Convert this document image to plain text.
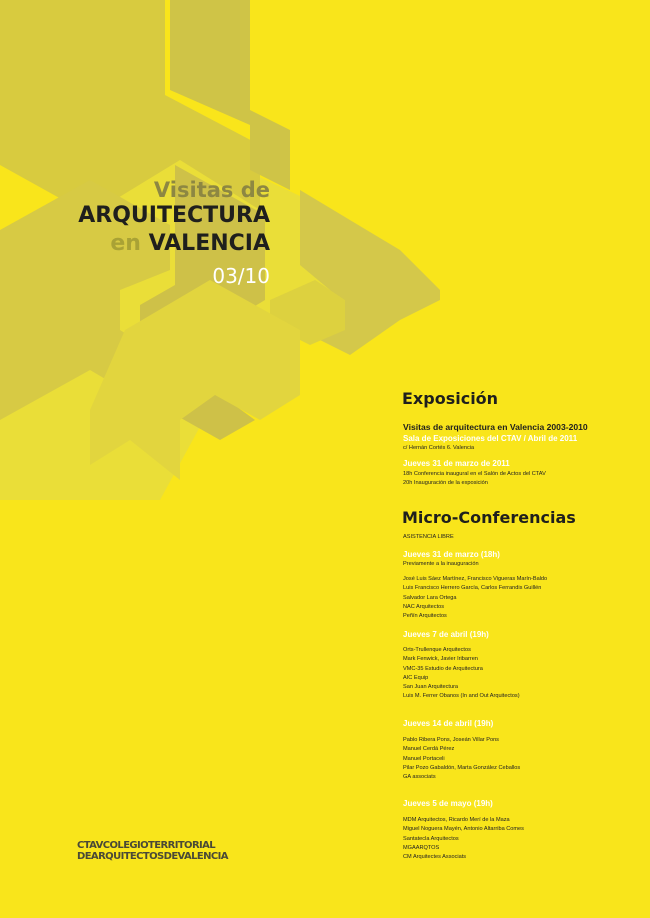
Visitas de
ARQUITECTURA
en VALENCIA
03/10
Exposición
Visitas de arquitectura en Valencia 2003-2010
Sala de Exposiciones del CTAV / Abril de 2011
c/ Hernán Cortés 6. Valencia
Jueves 31 de marzo de 2011
18h Conferencia inaugural en el Salón de Actos del CTAV
20h Inauguración de la exposición
Micro-Conferencias
ASISTENCIA LIBRE
Jueves 31 de marzo (18h)
Previamente a la inauguración
José Luis Sáez Martínez, Francisco Vigueras Marín-Baldo
Luis Francisco Herrero García, Carlos Ferrandis Guillén
Salvador Lara Ortega
NAC Arquitectos
Peñín Arquitectos
Jueves 7 de abril (19h)
Orts-Trullenque Arquitectos
Mark Fenwick, Javier Iribarren
VMC-35 Estudio de Arquitectura
AIC Equip
San Juan Arquitectura
Luis M. Ferrer Obanos (In and Out Arquitectos)
Jueves 14 de abril (19h)
Pablo Ribera Pons, Joseán Villar Pons
Manuel Cerdá Pérez
Manuel Portaceli
Pilar Pozo Gabaldón, Marta González Ceballos
GA associats
Jueves 5 de mayo (19h)
MDM Arquitectos, Ricardo Merí de la Maza
Miguel Noguera Mayén, Antonio Altarriba Comes
Santatecla Arquitectos
MGAARQTOS
CM Arquitectes Associats
CTAVCOLEGIOTERRITORIAL
DEARQUITECTOSDEVALENCIA
